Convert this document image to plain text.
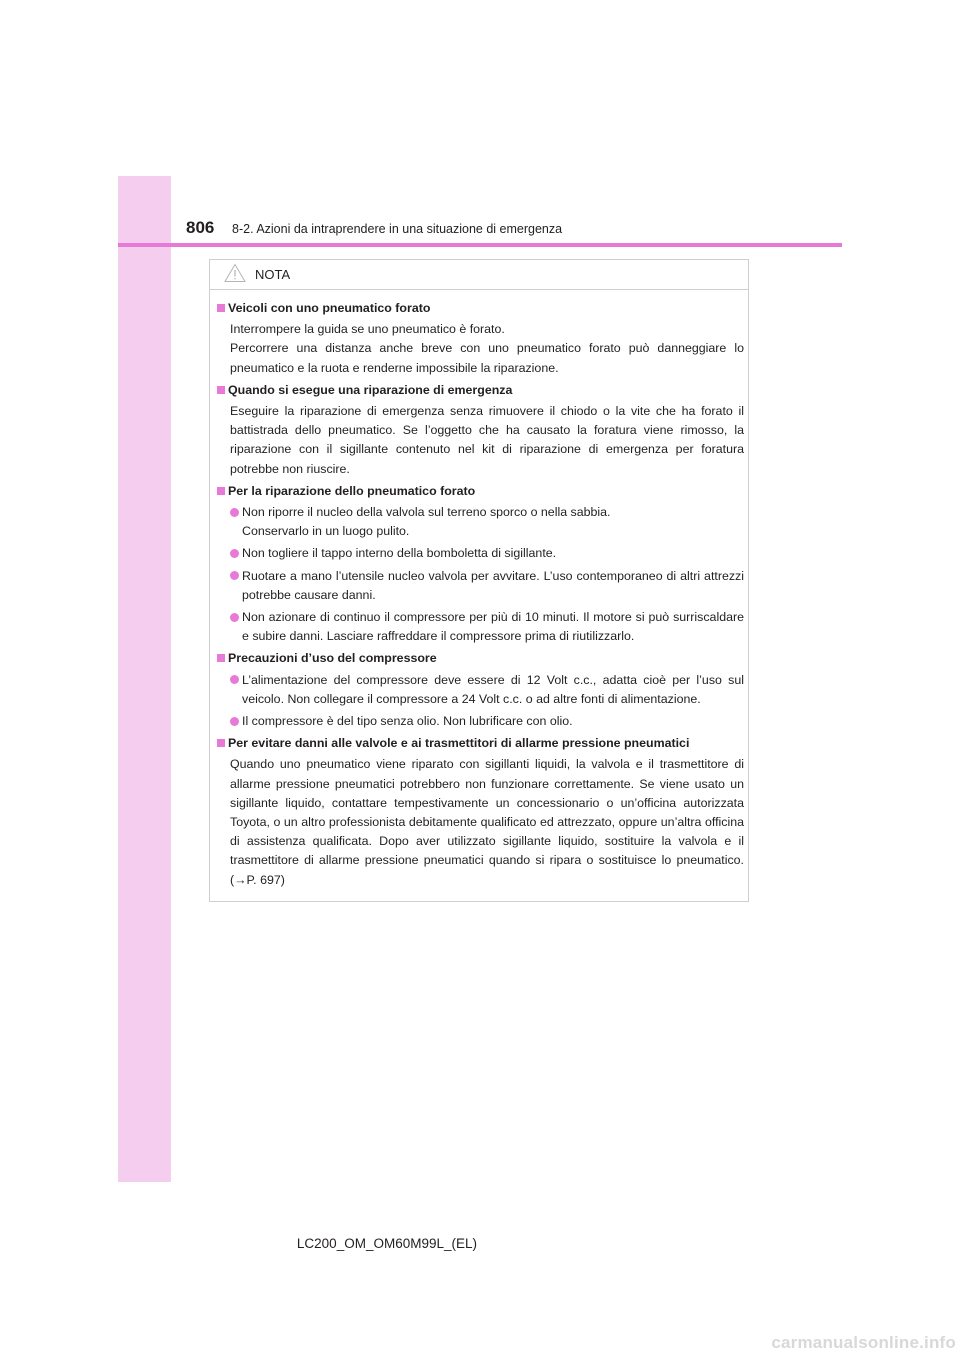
806 8-2. Azioni da intraprendere in una situazione di emergenza
NOTA
Veicoli con uno pneumatico forato
Interrompere la guida se uno pneumatico è forato.
Percorrere una distanza anche breve con uno pneumatico forato può danneggiare lo pneumatico e la ruota e renderne impossibile la riparazione.
Quando si esegue una riparazione di emergenza
Eseguire la riparazione di emergenza senza rimuovere il chiodo o la vite che ha forato il battistrada dello pneumatico. Se l’oggetto che ha causato la foratura viene rimosso, la riparazione con il sigillante contenuto nel kit di riparazione di emergenza per foratura potrebbe non riuscire.
Per la riparazione dello pneumatico forato
Non riporre il nucleo della valvola sul terreno sporco o nella sabbia.
Conservarlo in un luogo pulito.
Non togliere il tappo interno della bomboletta di sigillante.
Ruotare a mano l’utensile nucleo valvola per avvitare. L’uso contemporaneo di altri attrezzi potrebbe causare danni.
Non azionare di continuo il compressore per più di 10 minuti. Il motore si può surriscaldare e subire danni. Lasciare raffreddare il compressore prima di riutilizzarlo.
Precauzioni d’uso del compressore
L’alimentazione del compressore deve essere di 12 Volt c.c., adatta cioè per l’uso sul veicolo. Non collegare il compressore a 24 Volt c.c. o ad altre fonti di alimentazione.
Il compressore è del tipo senza olio. Non lubrificare con olio.
Per evitare danni alle valvole e ai trasmettitori di allarme pressione pneumatici
Quando uno pneumatico viene riparato con sigillanti liquidi, la valvola e il trasmettitore di allarme pressione pneumatici potrebbero non funzionare correttamente. Se viene usato un sigillante liquido, contattare tempestivamente un concessionario o un’officina autorizzata Toyota, o un altro professionista debitamente qualificato ed attrezzato, oppure un’altra officina di assistenza qualificata. Dopo aver utilizzato sigillante liquido, sostituire la valvola e il trasmettitore di allarme pressione pneumatici quando si ripara o sostituisce lo pneumatico. (→P. 697)
LC200_OM_OM60M99L_(EL)
carmanualsonline.info
